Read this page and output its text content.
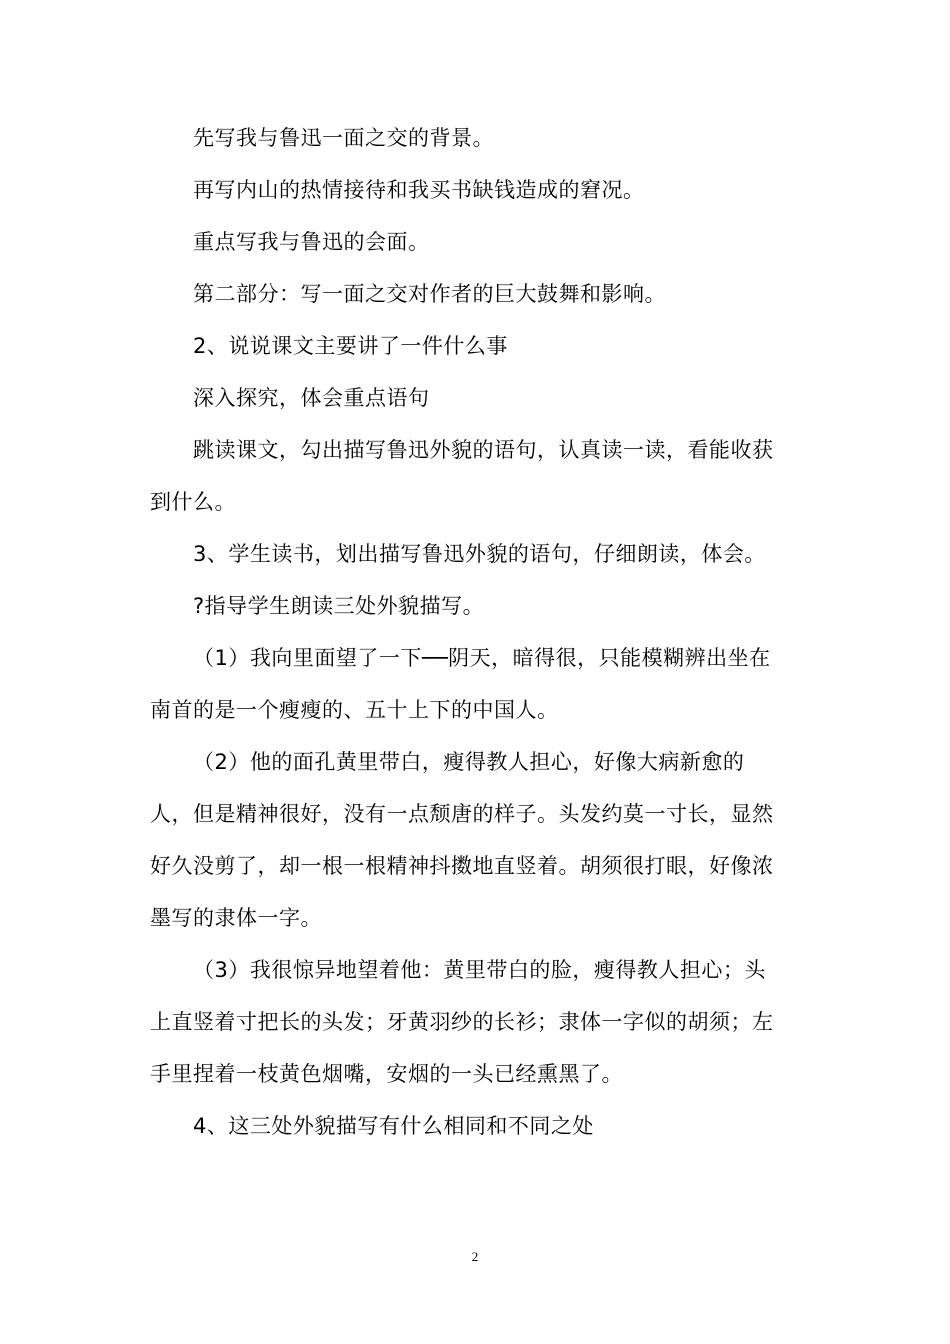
先写我与鲁迅一面之交的背景。
再写内山的热情接待和我买书缺钱造成的窘况。
重点写我与鲁迅的会面。
第二部分：写一面之交对作者的巨大鼓舞和影响。
2、说说课文主要讲了一件什么事
深入探究，体会重点语句
跳读课文，勾出描写鲁迅外貌的语句，认真读一读，看能收获
到什么。
3、学生读书，划出描写鲁迅外貌的语句，仔细朗读，体会。
?指导学生朗读三处外貌描写。
（1）我向里面望了一下──阴天，暗得很，只能模糊辨出坐在
南首的是一个瘦瘦的、五十上下的中国人。
（2）他的面孔黄里带白，瘦得教人担心，好像大病新愈的
人，但是精神很好，没有一点颓唐的样子。头发约莫一寸长，显然
好久没剪了，却一根一根精神抖擞地直竖着。胡须很打眼，好像浓
墨写的隶体一字。
（3）我很惊异地望着他：黄里带白的脸，瘦得教人担心；头
上直竖着寸把长的头发；牙黄羽纱的长衫；隶体一字似的胡须；左
手里捏着一枝黄色烟嘴，安烟的一头已经熏黑了。
4、这三处外貌描写有什么相同和不同之处
2
